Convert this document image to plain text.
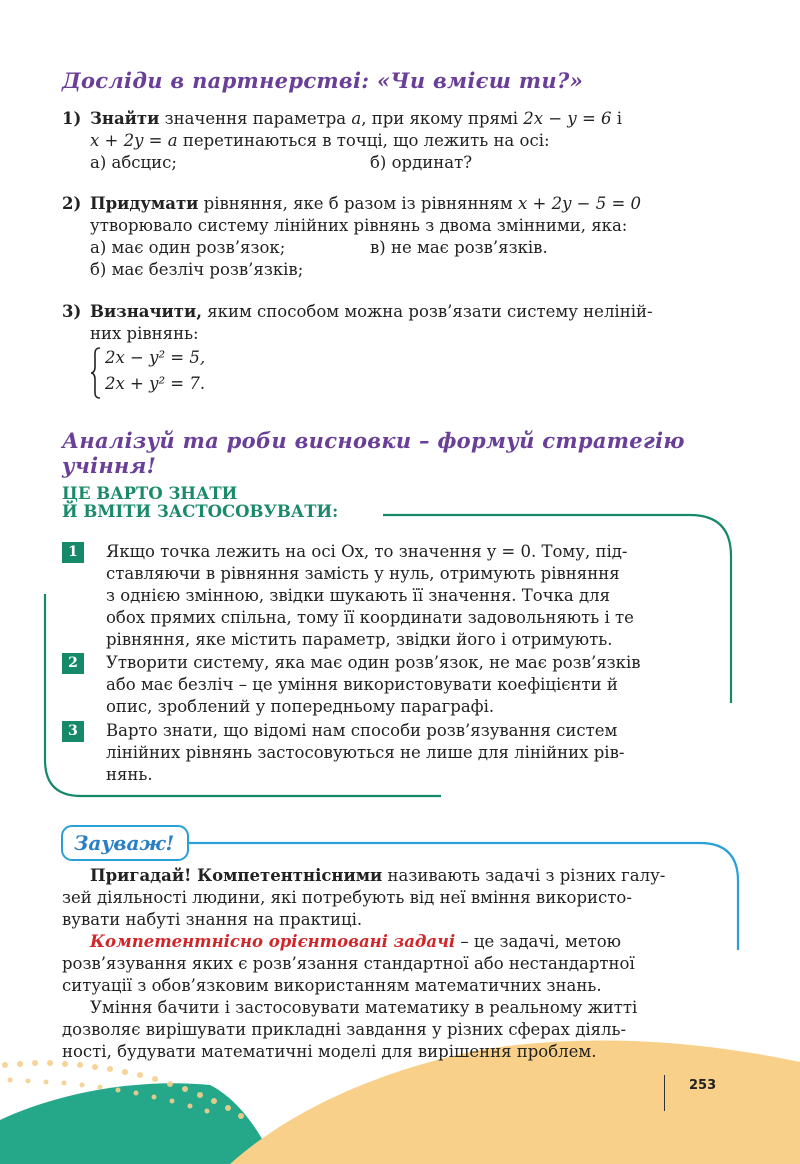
Досліди в партнерстві: «Чи вмієш ти?»
1) Знайти значення параметра a, при якому прямі 2x − y = 6 і
x + 2y = a перетинаються в точці, що лежить на осі:
а) абсцис;	б) ординат?
2) Придумати рівняння, яке б разом із рівнянням x + 2y − 5 = 0
утворювало систему лінійних рівнянь з двома змінними, яка:
а) має один розв’язок;	в) не має розв’язків.
б) має безліч розв’язків;
3) Визначити, яким способом можна розв’язати систему нелінiй-
них рівнянь:
2x − y² = 5,
2x + y² = 7.
Аналізуй та роби висновки – формуй стратегію
учіння!
ЦЕ ВАРТО ЗНАТИ
Й ВМІТИ ЗАСТОСОВУВАТИ:
1	Якщо точка лежить на осі Ox, то значення y = 0. Тому, під-
ставляючи в рівняння замість у нуль, отримують рівняння
з однією змінною, звідки шукають її значення. Точка для
обох прямих спільна, тому її координати задовольняють і те
рівняння, яке містить параметр, звідки його і отримують.
2	Утворити систему, яка має один розв’язок, не має розв’язків
або має безліч – це уміння використовувати коефіцієнти й
опис, зроблений у попередньому параграфі.
3	Варто знати, що відомі нам способи розв’язування систем
лінійних рівнянь застосовуються не лише для лінійних рів-
нянь.
Зауваж!
Пригадай! Компетентнісними називають задачі з різних галу-
зей діяльності людини, які потребують від неї вміння використо-
вувати набуті знання на практиці.
Компетентнісно орієнтовані задачі – це задачі, метою
розв’язування яких є розв’язання стандартної або нестандартної
ситуації з обов’язковим використанням математичних знань.
Уміння бачити і застосовувати математику в реальному житті
дозволяє вирішувати прикладні завдання у різних сферах діяль-
ності, будувати математичні моделі для вирішення проблем.
253
